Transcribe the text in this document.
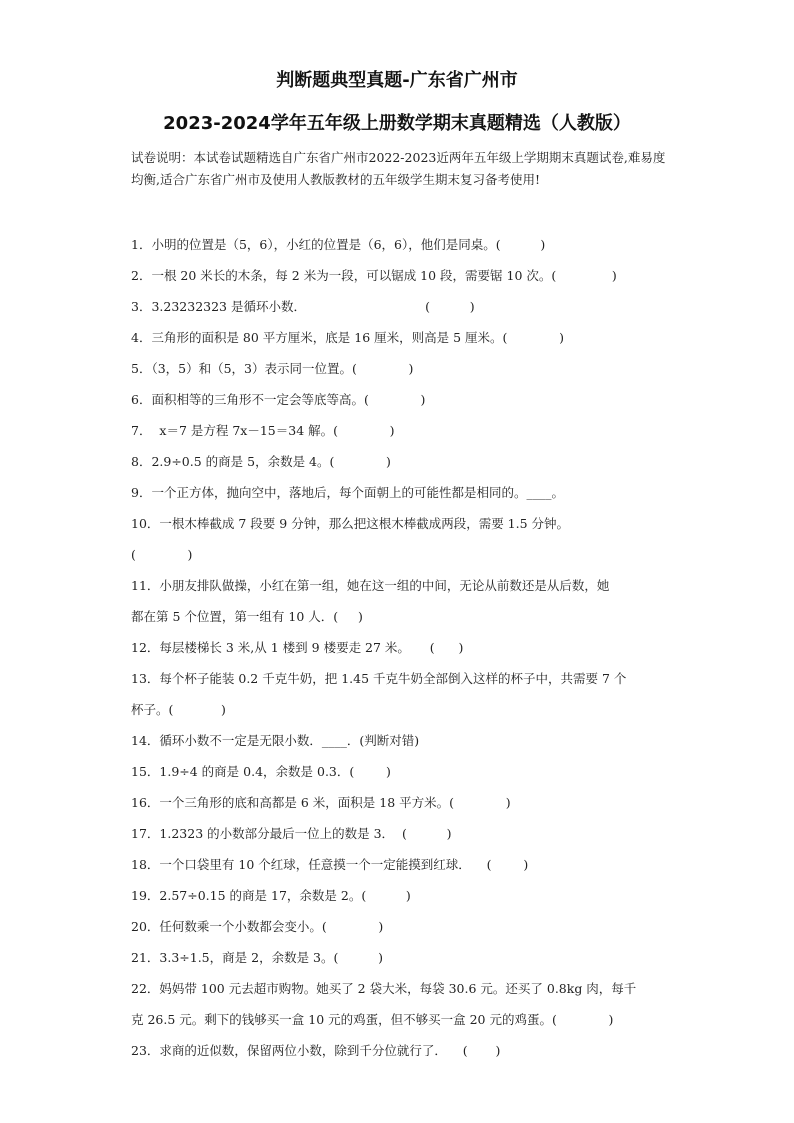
判断题典型真题-广东省广州市
2023-2024学年五年级上册数学期末真题精选（人教版）
试卷说明：本试卷试题精选自广东省广州市2022-2023近两年五年级上学期期末真题试卷,难易度均衡,适合广东省广州市及使用人教版教材的五年级学生期末复习备考使用!
1．小明的位置是（5，6），小红的位置是（6，6），他们是同桌。(          )
2．一根 20 米长的木条，每 2 米为一段，可以锯成 10 段，需要锯 10 次。(              )
3．3.23232323 是循环小数．                              (          )
4．三角形的面积是 80 平方厘米，底是 16 厘米，则高是 5 厘米。(             )
5．（3，5）和（5，3）表示同一位置。(             )
6．面积相等的三角形不一定会等底等高。(             )
7．  x＝7 是方程 7x－15＝34 解。(             )
8．2.9÷0.5 的商是 5，余数是 4。(             )
9．一个正方体，抛向空中，落地后，每个面朝上的可能性都是相同的。____。
10．一根木棒截成 7 段要 9 分钟，那么把这根木棒截成两段，需要 1.5 分钟。
(             )
11．小朋友排队做操，小红在第一组，她在这一组的中间，无论从前数还是从后数，她
都在第 5 个位置，第一组有 10 人．(     )
12．每层楼梯长 3 米,从 1 楼到 9 楼要走 27 米。     (      )
13．每个杯子能装 0.2 千克牛奶，把 1.45 千克牛奶全部倒入这样的杯子中，共需要 7 个
杯子。(            )
14．循环小数不一定是无限小数．____．(判断对错)
15．1.9÷4 的商是 0.4，余数是 0.3．(        )
16．一个三角形的底和高都是 6 米，面积是 18 平方米。(             )
17．1.2323 的小数部分最后一位上的数是 3．  (          )
18．一个口袋里有 10 个红球，任意摸一个一定能摸到红球．    (        )
19．2.57÷0.15 的商是 17，余数是 2。(          )
20．任何数乘一个小数都会变小。(             )
21．3.3÷1.5，商是 2，余数是 3。(          )
22．妈妈带 100 元去超市购物。她买了 2 袋大米，每袋 30.6 元。还买了 0.8kg 肉，每千
克 26.5 元。剩下的钱够买一盒 10 元的鸡蛋，但不够买一盒 20 元的鸡蛋。(             )
23．求商的近似数，保留两位小数，除到千分位就行了．    (       )
